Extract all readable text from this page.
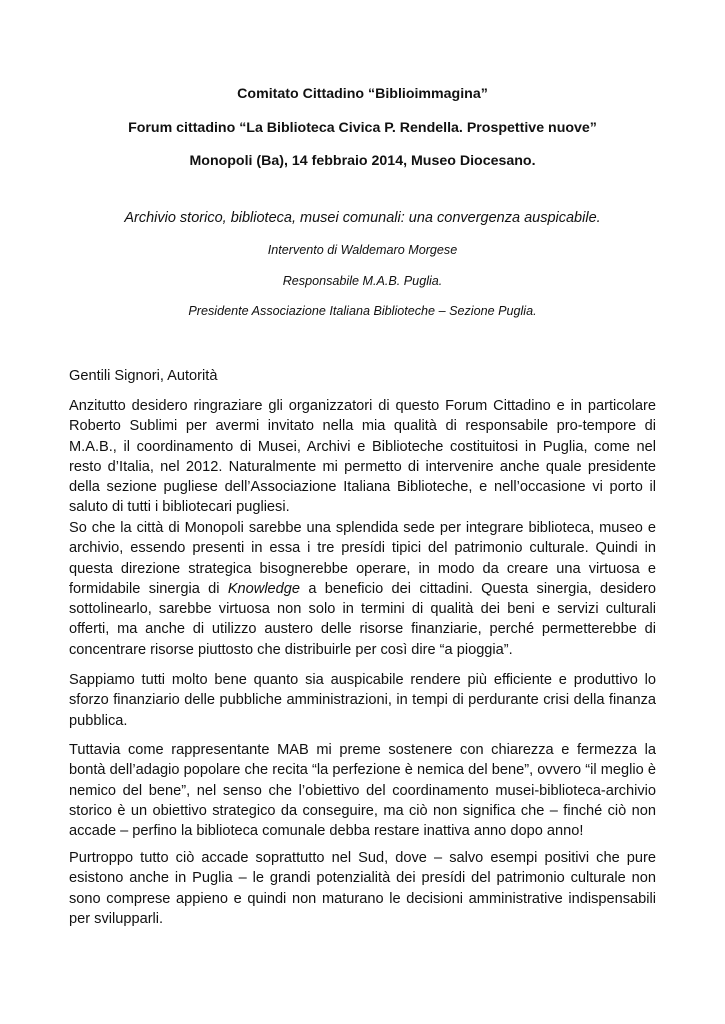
Comitato Cittadino “Biblioimmagina”
Forum cittadino “La Biblioteca Civica P. Rendella. Prospettive nuove”
Monopoli (Ba), 14 febbraio 2014, Museo Diocesano.
Archivio storico, biblioteca, musei comunali: una convergenza auspicabile.
Intervento di Waldemaro Morgese
Responsabile M.A.B. Puglia.
Presidente Associazione Italiana Biblioteche – Sezione Puglia.

Gentili Signori, Autorità

Anzitutto desidero ringraziare gli organizzatori di questo Forum Cittadino e in particolare Roberto Sublimi per avermi invitato nella mia qualità di responsabile pro-tempore di M.A.B., il coordinamento di Musei, Archivi e Biblioteche costituitosi in Puglia, come nel resto d’Italia, nel 2012. Naturalmente mi permetto di intervenire anche quale presidente della sezione pugliese dell’Associazione Italiana Biblioteche, e nell’occasione vi porto il saluto di tutti i bibliotecari pugliesi.

So che la città di Monopoli sarebbe una splendida sede per integrare biblioteca, museo e archivio, essendo presenti in essa i tre presídi tipici del patrimonio culturale. Quindi in questa direzione strategica bisognerebbe operare, in modo da creare una virtuosa e formidabile sinergia di Knowledge a beneficio dei cittadini. Questa sinergia, desidero sottolinearlo, sarebbe virtuosa non solo in termini di qualità dei beni e servizi culturali offerti, ma anche di utilizzo austero delle risorse finanziarie, perché permetterebbe di concentrare risorse piuttosto che distribuirle per così dire “a pioggia”.

Sappiamo tutti molto bene quanto sia auspicabile rendere più efficiente e produttivo lo sforzo finanziario delle pubbliche amministrazioni, in tempi di perdurante crisi della finanza pubblica.

Tuttavia come rappresentante MAB mi preme sostenere con chiarezza e fermezza la bontà dell’adagio popolare che recita “la perfezione è nemica del bene”, ovvero “il meglio è nemico del bene”, nel senso che l’obiettivo del coordinamento musei-biblioteca-archivio storico è un obiettivo strategico da conseguire, ma ciò non significa che – finché ciò non accade – perfino la biblioteca comunale debba restare inattiva anno dopo anno!

Purtroppo tutto ciò accade soprattutto nel Sud, dove – salvo esempi positivi che pure esistono anche in Puglia – le grandi potenzialità dei presídi del patrimonio culturale non sono comprese appieno e quindi non maturano le decisioni amministrative indispensabili per svilupparli.
